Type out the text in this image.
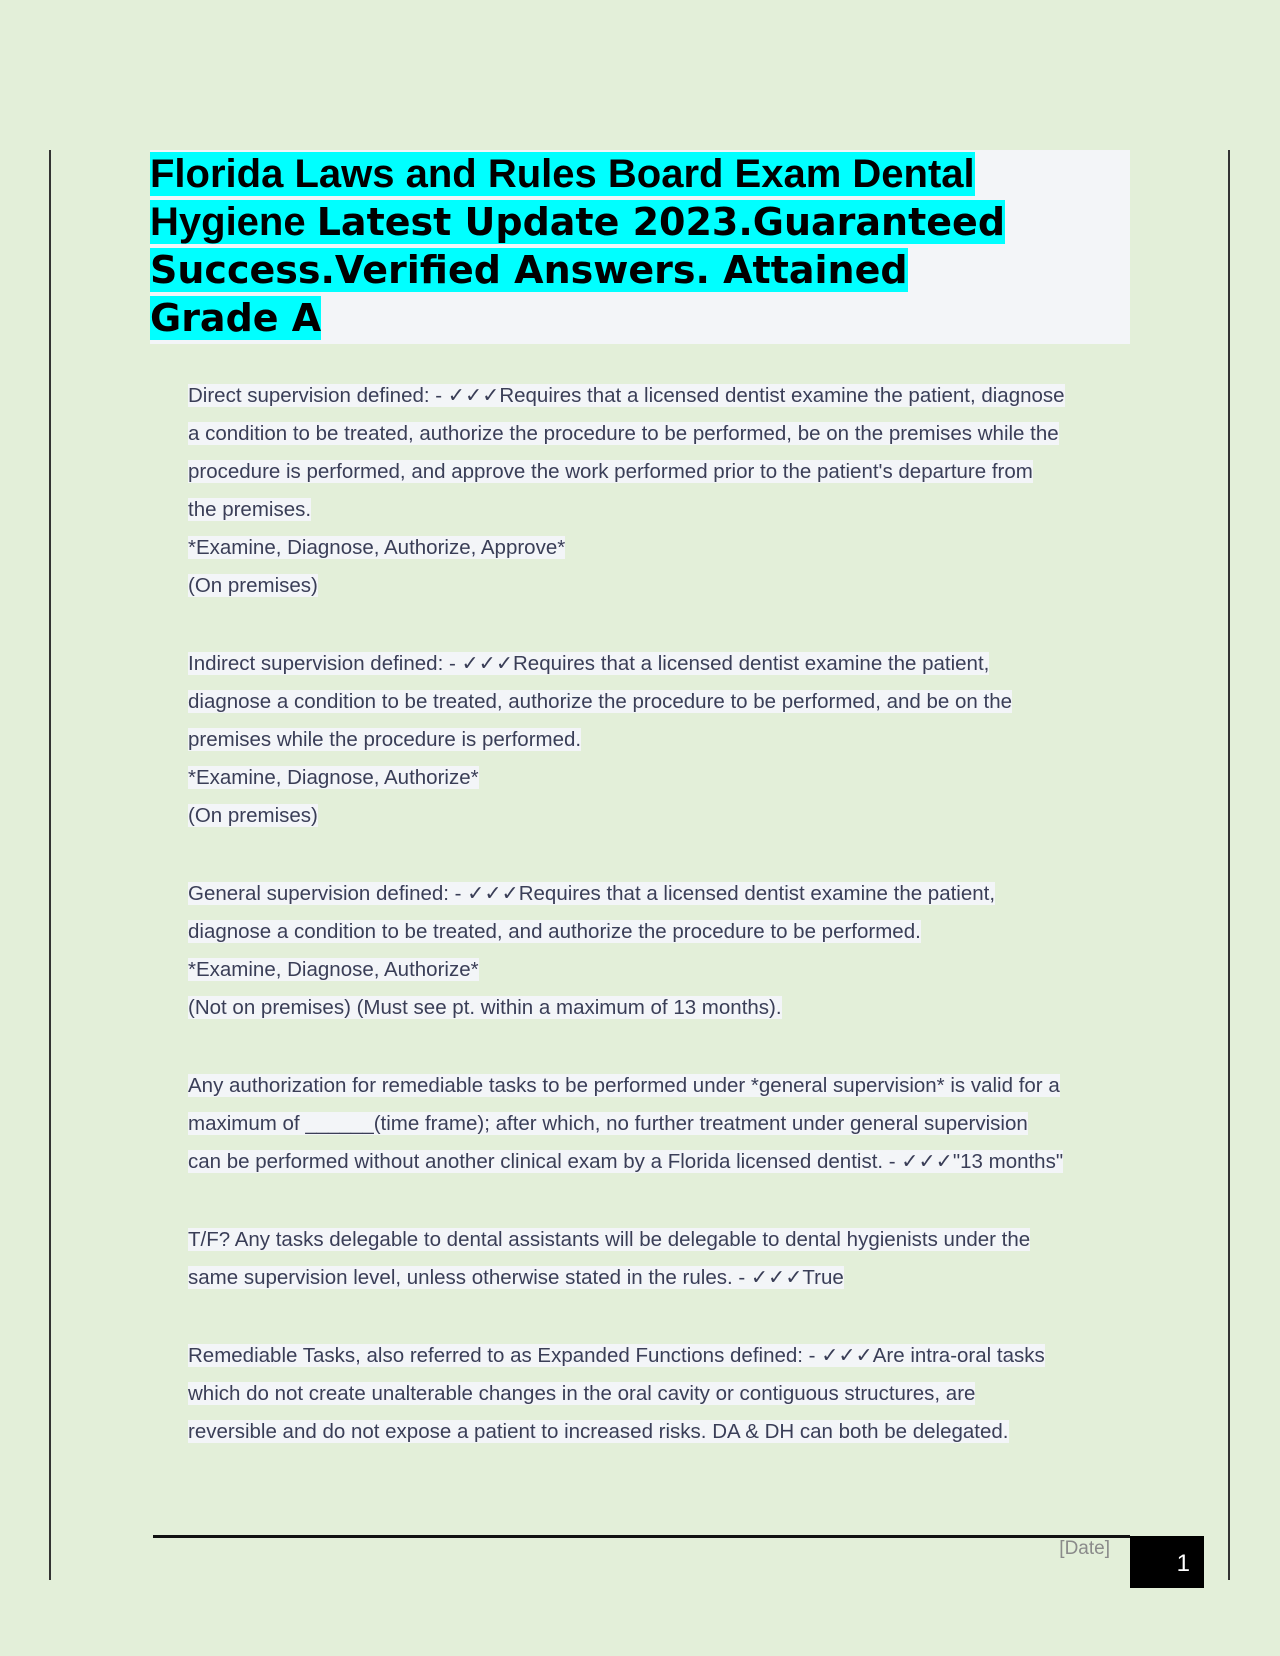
Florida Laws and Rules Board Exam Dental
Hygiene Latest Update 2023.Guaranteed
Success.Verified Answers. Attained
Grade A
Direct supervision defined: - ✓✓✓Requires that a licensed dentist examine the patient, diagnose
a condition to be treated, authorize the procedure to be performed, be on the premises while the
procedure is performed, and approve the work performed prior to the patient's departure from
the premises.
*Examine, Diagnose, Authorize, Approve*
(On premises)
Indirect supervision defined: - ✓✓✓Requires that a licensed dentist examine the patient,
diagnose a condition to be treated, authorize the procedure to be performed, and be on the
premises while the procedure is performed.
*Examine, Diagnose, Authorize*
(On premises)
General supervision defined: - ✓✓✓Requires that a licensed dentist examine the patient,
diagnose a condition to be treated, and authorize the procedure to be performed.
*Examine, Diagnose, Authorize*
(Not on premises) (Must see pt. within a maximum of 13 months).
Any authorization for remediable tasks to be performed under *general supervision* is valid for a
maximum of ______(time frame); after which, no further treatment under general supervision
can be performed without another clinical exam by a Florida licensed dentist. - ✓✓✓"13 months"
T/F? Any tasks delegable to dental assistants will be delegable to dental hygienists under the
same supervision level, unless otherwise stated in the rules. - ✓✓✓True
Remediable Tasks, also referred to as Expanded Functions defined: - ✓✓✓Are intra-oral tasks
which do not create unalterable changes in the oral cavity or contiguous structures, are
reversible and do not expose a patient to increased risks. DA & DH can both be delegated.
[Date]
1
